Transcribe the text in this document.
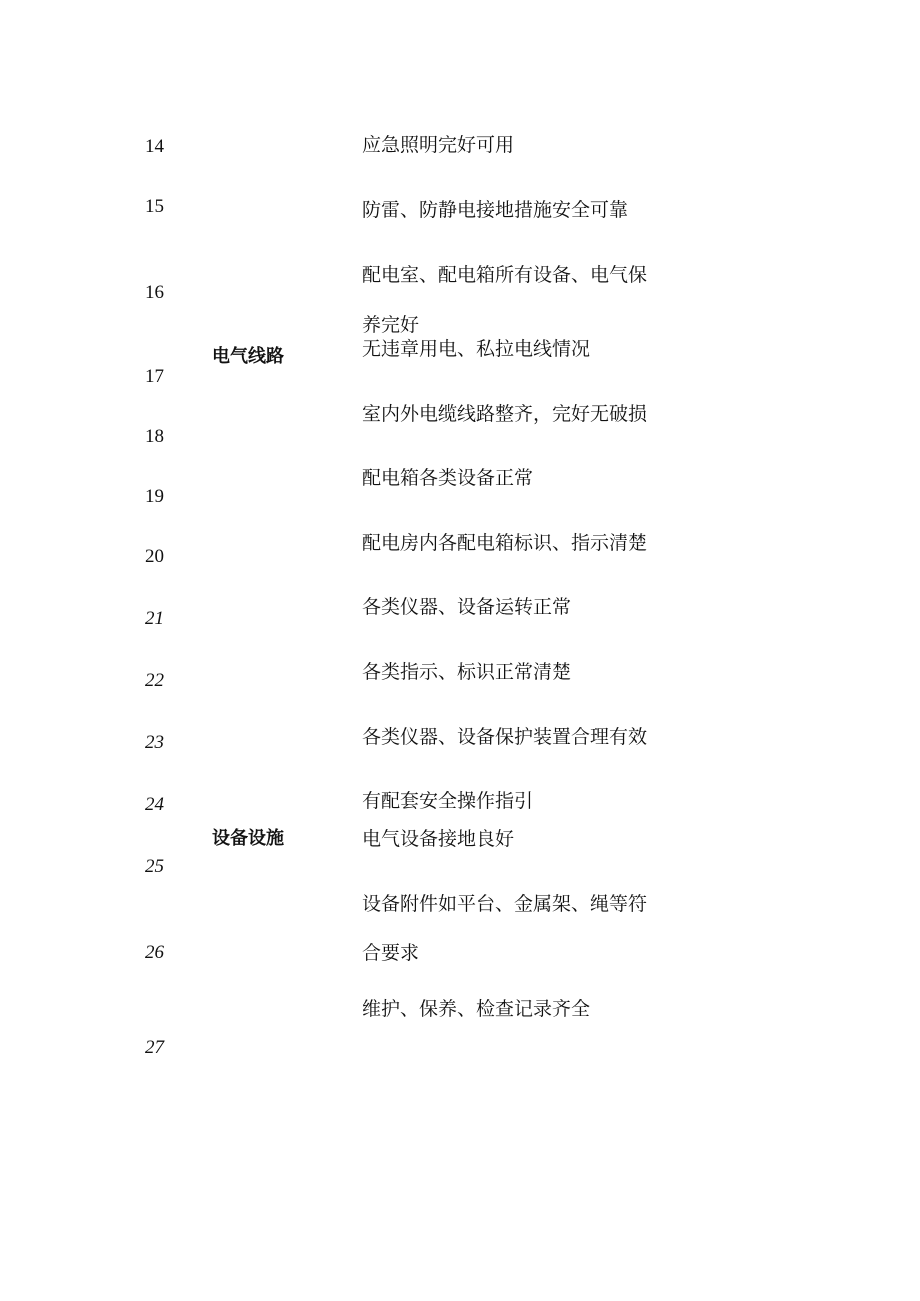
14
15
16
17
18
19
20
21
22
23
24
25
26
27
电气线路
设备设施
应急照明完好可用
防雷、防静电接地措施安全可靠
配电室、配电箱所有设备、电气保
养完好
无违章用电、私拉电线情况
室内外电缆线路整齐，完好无破损
配电箱各类设备正常
配电房内各配电箱标识、指示清楚
各类仪器、设备运转正常
各类指示、标识正常清楚
各类仪器、设备保护装置合理有效
有配套安全操作指引
电气设备接地良好
设备附件如平台、金属架、绳等符
合要求
维护、保养、检查记录齐全
